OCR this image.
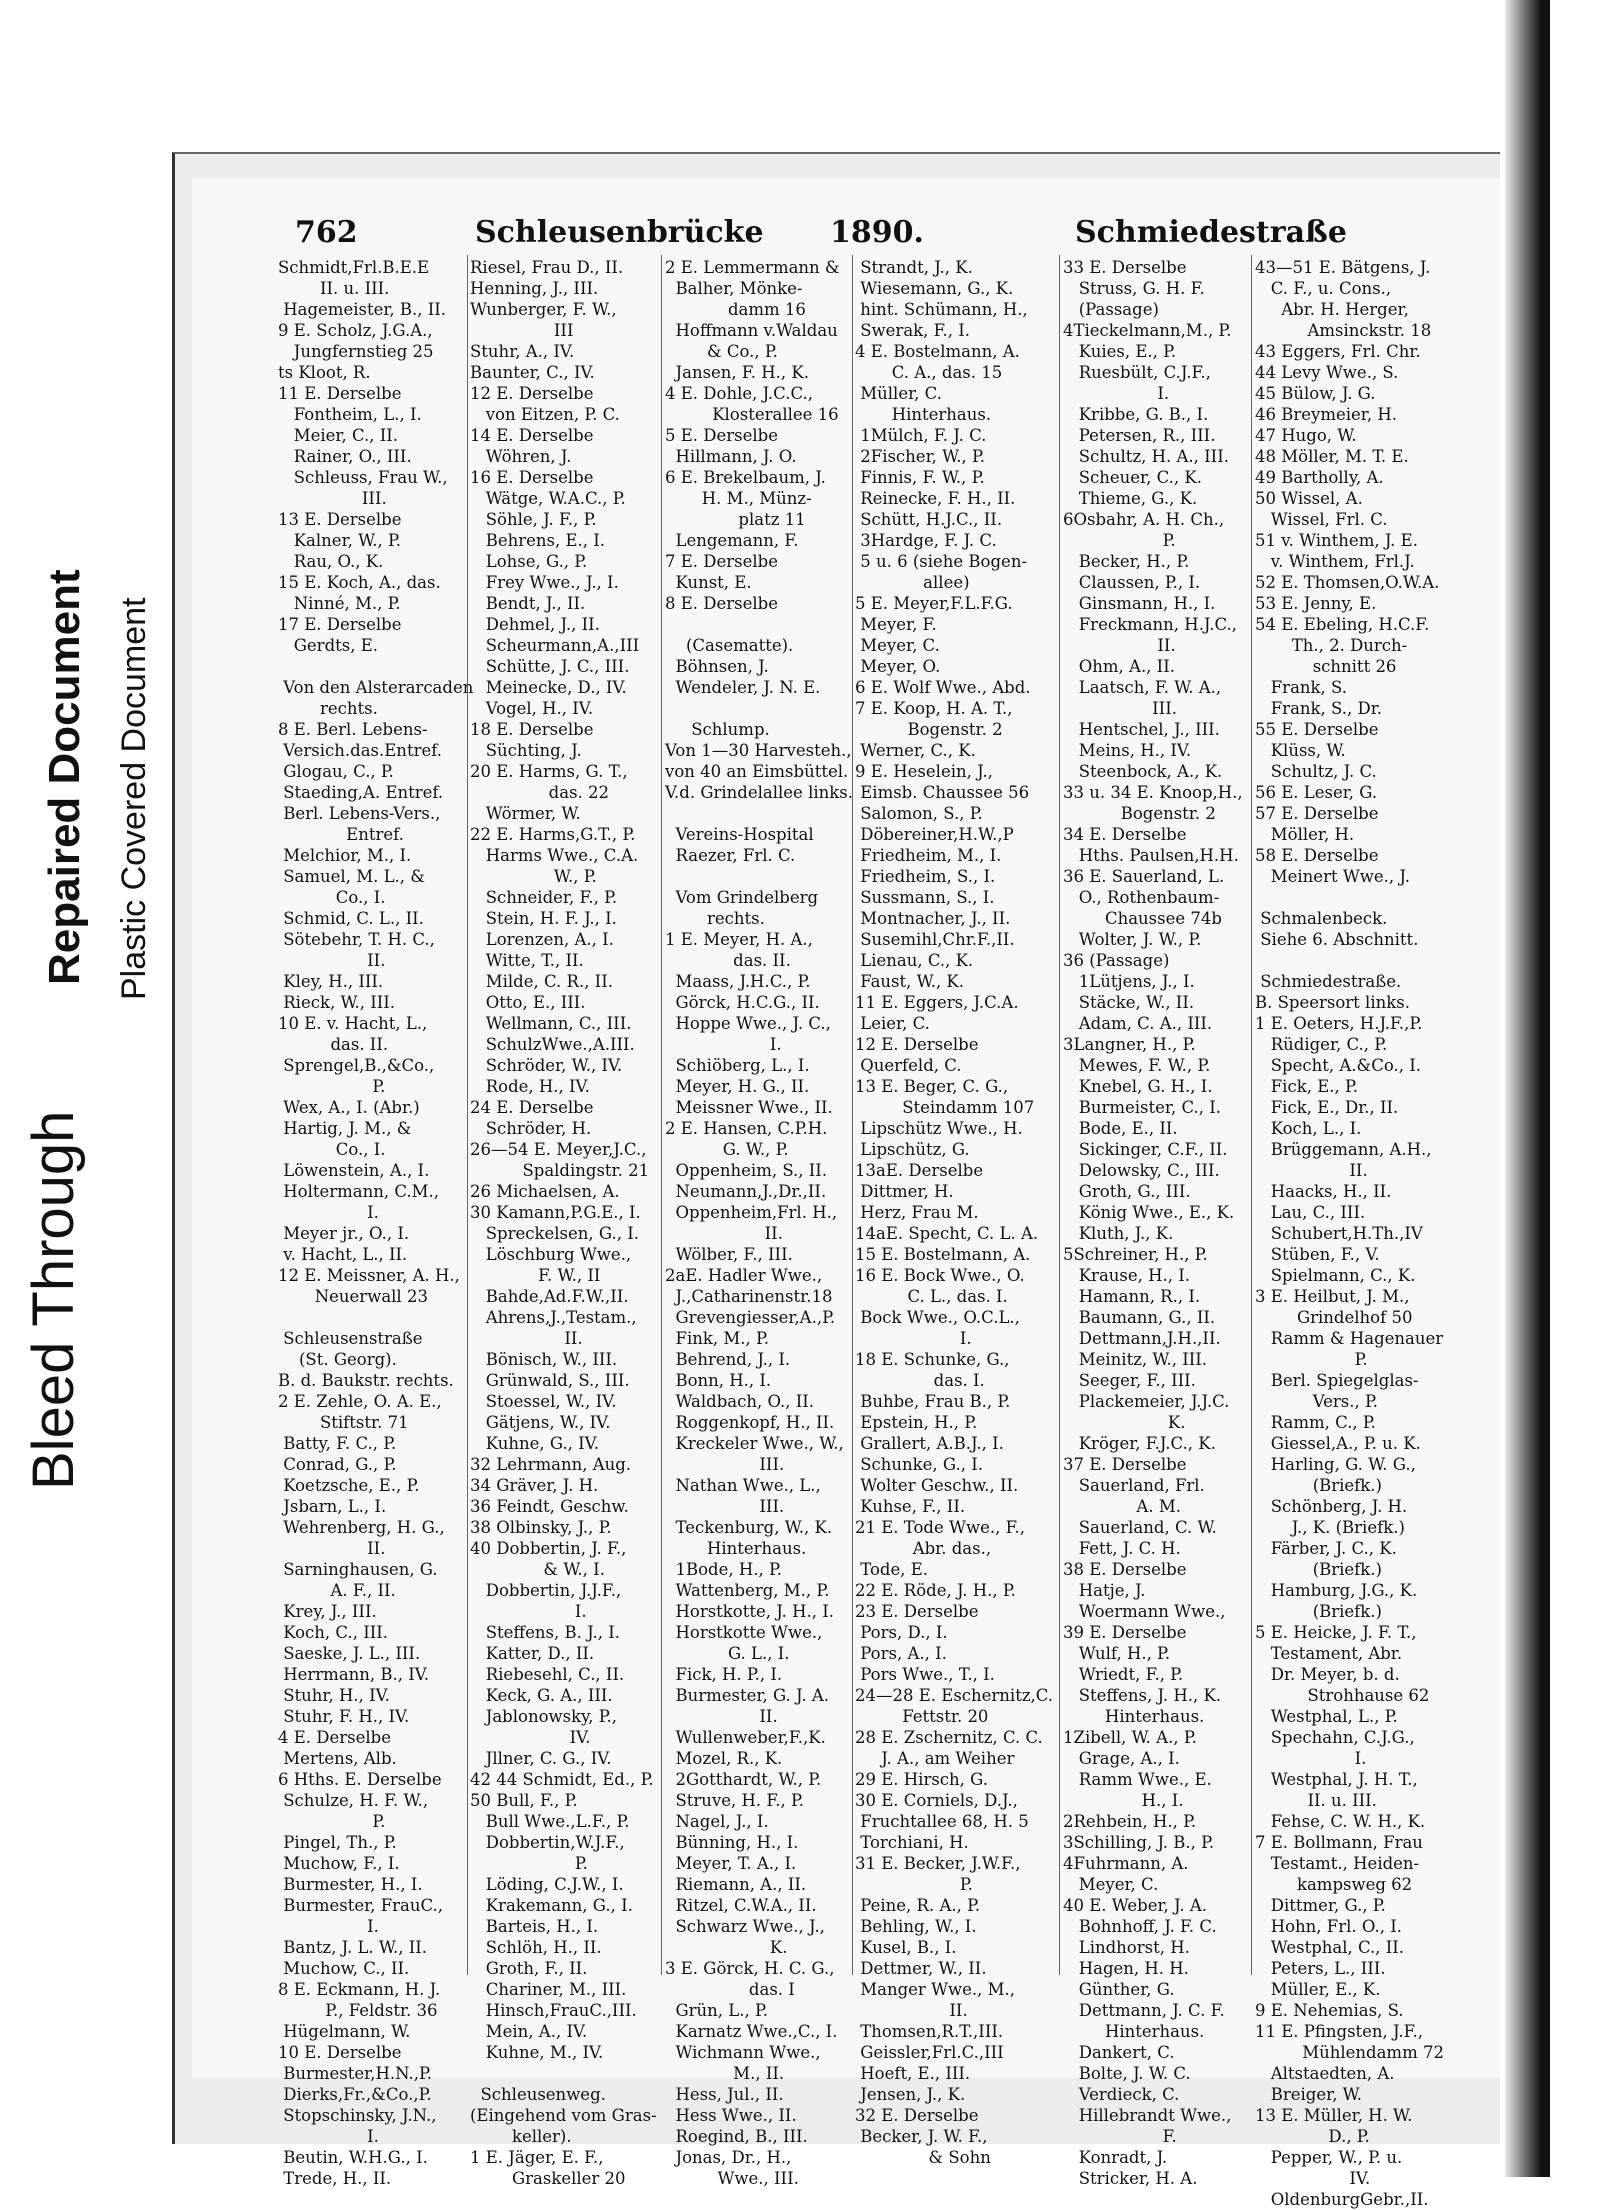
Bleed Through
Repaired Document Plastic Covered Document
762	Schleusenbrücke 1890.	Schmiedestraße
Schmidt,Frl.B.E.E
II. u. III.
Hagemeister, B., II.
9 E. Scholz, J.G.A.,
Jungfernstieg 25
ts Kloot, R.
11 E. Derselbe
Fontheim, L., I.
Meier, C., II.
Rainer, O., III.
Schleuss, Frau W.,
III.
13 E. Derselbe
Kalner, W., P.
Rau, O., K.
15 E. Koch, A., das.
Ninné, M., P.
17 E. Derselbe
Gerdts, E.
Von den Alsterarcaden
rechts.
8 E. Berl. Lebens-
Versich.das.Entref.
Glogau, C., P.
Staeding,A. Entref.
Berl. Lebens-Vers.,
Entref.
Melchior, M., I.
Samuel, M. L., &
Co., I.
Schmid, C. L., II.
Sötebehr, T. H. C.,
II.
Kley, H., III.
Rieck, W., III.
10 E. v. Hacht, L.,
das. II.
Sprengel,B.,&Co.,
P.
Wex, A., I. (Abr.)
Hartig, J. M., &
Co., I.
Löwenstein, A., I.
Holtermann, C.M.,
I.
Meyer jr., O., I.
v. Hacht, L., II.
12 E. Meissner, A. H.,
Neuerwall 23
Schleusenstraße
(St. Georg).
B. d. Baukstr. rechts.
2 E. Zehle, O. A. E.,
Stiftstr. 71
Batty, F. C., P.
Conrad, G., P.
Koetzsche, E., P.
Jsbarn, L., I.
Wehrenberg, H. G.,
II.
Sarninghausen, G.
A. F., II.
Krey, J., III.
Koch, C., III.
Saeske, J. L., III.
Herrmann, B., IV.
Stuhr, H., IV.
Stuhr, F. H., IV.
4 E. Derselbe
Mertens, Alb.
6 Hths. E. Derselbe
Schulze, H. F. W.,
P.
Pingel, Th., P.
Muchow, F., I.
Burmester, H., I.
Burmester, FrauC.,
I.
Bantz, J. L. W., II.
Muchow, C., II.
8 E. Eckmann, H. J.
P., Feldstr. 36
Hügelmann, W.
10 E. Derselbe
Burmester,H.N.,P.
Dierks,Fr.,&Co.,P.
Stopschinsky, J.N.,
I.
Beutin, W.H.G., I.
Trede, H., II.
Riesel, Frau D., II.
Henning, J., III.
Wunberger, F. W.,
III
Stuhr, A., IV.
Baunter, C., IV.
12 E. Derselbe
von Eitzen, P. C.
14 E. Derselbe
Wöhren, J.
16 E. Derselbe
Wätge, W.A.C., P.
Söhle, J. F., P.
Behrens, E., I.
Lohse, G., P.
Frey Wwe., J., I.
Bendt, J., II.
Dehmel, J., II.
Scheurmann,A.,III
Schütte, J. C., III.
Meinecke, D., IV.
Vogel, H., IV.
18 E. Derselbe
Süchting, J.
20 E. Harms, G. T.,
das. 22
Wörmer, W.
22 E. Harms,G.T., P.
Harms Wwe., C.A.
W., P.
Schneider, F., P.
Stein, H. F. J., I.
Lorenzen, A., I.
Witte, T., II.
Milde, C. R., II.
Otto, E., III.
Wellmann, C., III.
SchulzWwe.,A.III.
Schröder, W., IV.
Rode, H., IV.
24 E. Derselbe
Schröder, H.
26—54 E. Meyer,J.C.,
Spaldingstr. 21
26 Michaelsen, A.
30 Kamann,P.G.E., I.
Spreckelsen, G., I.
Löschburg Wwe.,
F. W., II
Bahde,Ad.F.W.,II.
Ahrens,J.,Testam.,
II.
Bönisch, W., III.
Grünwald, S., III.
Stoessel, W., IV.
Gätjens, W., IV.
Kuhne, G., IV.
32 Lehrmann, Aug.
34 Gräver, J. H.
36 Feindt, Geschw.
38 Olbinsky, J., P.
40 Dobbertin, J. F.,
& W., I.
Dobbertin, J.J.F.,
I.
Steffens, B. J., I.
Katter, D., II.
Riebesehl, C., II.
Keck, G. A., III.
Jablonowsky, P.,
IV.
Jllner, C. G., IV.
42 44 Schmidt, Ed., P.
50 Bull, F., P.
Bull Wwe.,L.F., P.
Dobbertin,W.J.F.,
P.
Löding, C.J.W., I.
Krakemann, G., I.
Barteis, H., I.
Schlöh, H., II.
Groth, F., II.
Chariner, M., III.
Hinsch,FrauC.,III.
Mein, A., IV.
Kuhne, M., IV.
Schleusenweg.
(Eingehend vom Gras-
keller).
1 E. Jäger, E. F.,
Graskeller 20
2 E. Lemmermann &
Balher, Mönke-
damm 16
Hoffmann v.Waldau
& Co., P.
Jansen, F. H., K.
4 E. Dohle, J.C.C.,
Klosterallee 16
5 E. Derselbe
Hillmann, J. O.
6 E. Brekelbaum, J.
H. M., Münz-
platz 11
Lengemann, F.
7 E. Derselbe
Kunst, E.
8 E. Derselbe
(Casematte).
Böhnsen, J.
Wendeler, J. N. E.
Schlump.
Von 1—30 Harvesteh.,
von 40 an Eimsbüttel.
V.d. Grindelallee links.
Vereins-Hospital
Raezer, Frl. C.
Vom Grindelberg
rechts.
1 E. Meyer, H. A.,
das. II.
Maass, J.H.C., P.
Görck, H.C.G., II.
Hoppe Wwe., J. C.,
I.
Schiöberg, L., I.
Meyer, H. G., II.
Meissner Wwe., II.
2 E. Hansen, C.P.H.
G. W., P.
Oppenheim, S., II.
Neumann,J.,Dr.,II.
Oppenheim,Frl. H.,
II.
Wölber, F., III.
2aE. Hadler Wwe.,
J.,Catharinenstr.18
Grevengiesser,A.,P.
Fink, M., P.
Behrend, J., I.
Bonn, H., I.
Waldbach, O., II.
Roggenkopf, H., II.
Kreckeler Wwe., W.,
III.
Nathan Wwe., L.,
III.
Teckenburg, W., K.
Hinterhaus.
1Bode, H., P.
Wattenberg, M., P.
Horstkotte, J. H., I.
Horstkotte Wwe.,
G. L., I.
Fick, H. P., I.
Burmester, G. J. A.
II.
Wullenweber,F.,K.
Mozel, R., K.
2Gotthardt, W., P.
Struve, H. F., P.
Nagel, J., I.
Bünning, H., I.
Meyer, T. A., I.
Riemann, A., II.
Ritzel, C.W.A., II.
Schwarz Wwe., J.,
K.
3 E. Görck, H. C. G.,
das. I
Grün, L., P.
Karnatz Wwe.,C., I.
Wichmann Wwe.,
M., II.
Hess, Jul., II.
Hess Wwe., II.
Roegind, B., III.
Jonas, Dr., H.,
Wwe., III.
Strandt, J., K.
Wiesemann, G., K.
hint. Schümann, H.,
Swerak, F., I.
4 E. Bostelmann, A.
C. A., das. 15
Müller, C.
Hinterhaus.
1Mülch, F. J. C.
2Fischer, W., P.
Finnis, F. W., P.
Reinecke, F. H., II.
Schütt, H.J.C., II.
3Hardge, F. J. C.
5 u. 6 (siehe Bogen-
allee)
5 E. Meyer,F.L.F.G.
Meyer, F.
Meyer, C.
Meyer, O.
6 E. Wolf Wwe., Abd.
7 E. Koop, H. A. T.,
Bogenstr. 2
Werner, C., K.
9 E. Heselein, J.,
Eimsb. Chaussee 56
Salomon, S., P.
Döbereiner,H.W.,P
Friedheim, M., I.
Friedheim, S., I.
Sussmann, S., I.
Montnacher, J., II.
Susemihl,Chr.F.,II.
Lienau, C., K.
Faust, W., K.
11 E. Eggers, J.C.A.
Leier, C.
12 E. Derselbe
Querfeld, C.
13 E. Beger, C. G.,
Steindamm 107
Lipschütz Wwe., H.
Lipschütz, G.
13aE. Derselbe
Dittmer, H.
Herz, Frau M.
14aE. Specht, C. L. A.
15 E. Bostelmann, A.
16 E. Bock Wwe., O.
C. L., das. I.
Bock Wwe., O.C.L.,
I.
18 E. Schunke, G.,
das. I.
Buhbe, Frau B., P.
Epstein, H., P.
Grallert, A.B.J., I.
Schunke, G., I.
Wolter Geschw., II.
Kuhse, F., II.
21 E. Tode Wwe., F.,
Abr. das.,
Tode, E.
22 E. Röde, J. H., P.
23 E. Derselbe
Pors, D., I.
Pors, A., I.
Pors Wwe., T., I.
24—28 E. Eschernitz,C.
Fettstr. 20
28 E. Zschernitz, C. C.
J. A., am Weiher
29 E. Hirsch, G.
30 E. Corniels, D.J.,
Fruchtallee 68, H. 5
Torchiani, H.
31 E. Becker, J.W.F.,
P.
Peine, R. A., P.
Behling, W., I.
Kusel, B., I.
Dettmer, W., II.
Manger Wwe., M.,
II.
Thomsen,R.T.,III.
Geissler,Frl.C.,III
Hoeft, E., III.
Jensen, J., K.
32 E. Derselbe
Becker, J. W. F.,
& Sohn
33 E. Derselbe
Struss, G. H. F.
(Passage)
4Tieckelmann,M., P.
Kuies, E., P.
Ruesbült, C.J.F.,
I.
Kribbe, G. B., I.
Petersen, R., III.
Schultz, H. A., III.
Scheuer, C., K.
Thieme, G., K.
6Osbahr, A. H. Ch.,
P.
Becker, H., P.
Claussen, P., I.
Ginsmann, H., I.
Freckmann, H.J.C.,
II.
Ohm, A., II.
Laatsch, F. W. A.,
III.
Hentschel, J., III.
Meins, H., IV.
Steenbock, A., K.
33 u. 34 E. Knoop,H.,
Bogenstr. 2
34 E. Derselbe
Hths. Paulsen,H.H.
36 E. Sauerland, L.
O., Rothenbaum-
Chaussee 74b
Wolter, J. W., P.
36 (Passage)
1Lütjens, J., I.
Stäcke, W., II.
Adam, C. A., III.
3Langner, H., P.
Mewes, F. W., P.
Knebel, G. H., I.
Burmeister, C., I.
Bode, E., II.
Sickinger, C.F., II.
Delowsky, C., III.
Groth, G., III.
König Wwe., E., K.
Kluth, J., K.
5Schreiner, H., P.
Krause, H., I.
Hamann, R., I.
Baumann, G., II.
Dettmann,J.H.,II.
Meinitz, W., III.
Seeger, F., III.
Plackemeier, J.J.C.
K.
Kröger, F.J.C., K.
37 E. Derselbe
Sauerland, Frl.
A. M.
Sauerland, C. W.
Fett, J. C. H.
38 E. Derselbe
Hatje, J.
Woermann Wwe.,
39 E. Derselbe
Wulf, H., P.
Wriedt, F., P.
Steffens, J. H., K.
Hinterhaus.
1Zibell, W. A., P.
Grage, A., I.
Ramm Wwe., E.
H., I.
2Rehbein, H., P.
3Schilling, J. B., P.
4Fuhrmann, A.
Meyer, C.
40 E. Weber, J. A.
Bohnhoff, J. F. C.
Lindhorst, H.
Hagen, H. H.
Günther, G.
Dettmann, J. C. F.
Hinterhaus.
Dankert, C.
Bolte, J. W. C.
Verdieck, C.
Hillebrandt Wwe.,
F.
Konradt, J.
Stricker, H. A.
43—51 E. Bätgens, J.
C. F., u. Cons.,
Abr. H. Herger,
Amsinckstr. 18
43 Eggers, Frl. Chr.
44 Levy Wwe., S.
45 Bülow, J. G.
46 Breymeier, H.
47 Hugo, W.
48 Möller, M. T. E.
49 Bartholly, A.
50 Wissel, A.
Wissel, Frl. C.
51 v. Winthem, J. E.
v. Winthem, Frl.J.
52 E. Thomsen,O.W.A.
53 E. Jenny, E.
54 E. Ebeling, H.C.F.
Th., 2. Durch-
schnitt 26
Frank, S.
Frank, S., Dr.
55 E. Derselbe
Klüss, W.
Schultz, J. C.
56 E. Leser, G.
57 E. Derselbe
Möller, H.
58 E. Derselbe
Meinert Wwe., J.
Schmalenbeck.
Siehe 6. Abschnitt.
Schmiedestraße.
B. Speersort links.
1 E. Oeters, H.J.F.,P.
Rüdiger, C., P.
Specht, A.&Co., I.
Fick, E., P.
Fick, E., Dr., II.
Koch, L., I.
Brüggemann, A.H.,
II.
Haacks, H., II.
Lau, C., III.
Schubert,H.Th.,IV
Stüben, F., V.
Spielmann, C., K.
3 E. Heilbut, J. M.,
Grindelhof 50
Ramm & Hagenauer
P.
Berl. Spiegelglas-
Vers., P.
Ramm, C., P.
Giessel,A., P. u. K.
Harling, G. W. G.,
(Briefk.)
Schönberg, J. H.
J., K. (Briefk.)
Färber, J. C., K.
(Briefk.)
Hamburg, J.G., K.
(Briefk.)
5 E. Heicke, J. F. T.,
Testament, Abr.
Dr. Meyer, b. d.
Strohhause 62
Westphal, L., P.
Spechahn, C.J.G.,
I.
Westphal, J. H. T.,
II. u. III.
Fehse, C. W. H., K.
7 E. Bollmann, Frau
Testamt., Heiden-
kampsweg 62
Dittmer, G., P.
Hohn, Frl. O., I.
Westphal, C., II.
Peters, L., III.
Müller, E., K.
9 E. Nehemias, S.
11 E. Pfingsten, J.F.,
Mühlendamm 72
Altstaedten, A.
Breiger, W.
13 E. Müller, H. W.
D., P.
Pepper, W., P. u.
IV.
OldenburgGebr.,II.
